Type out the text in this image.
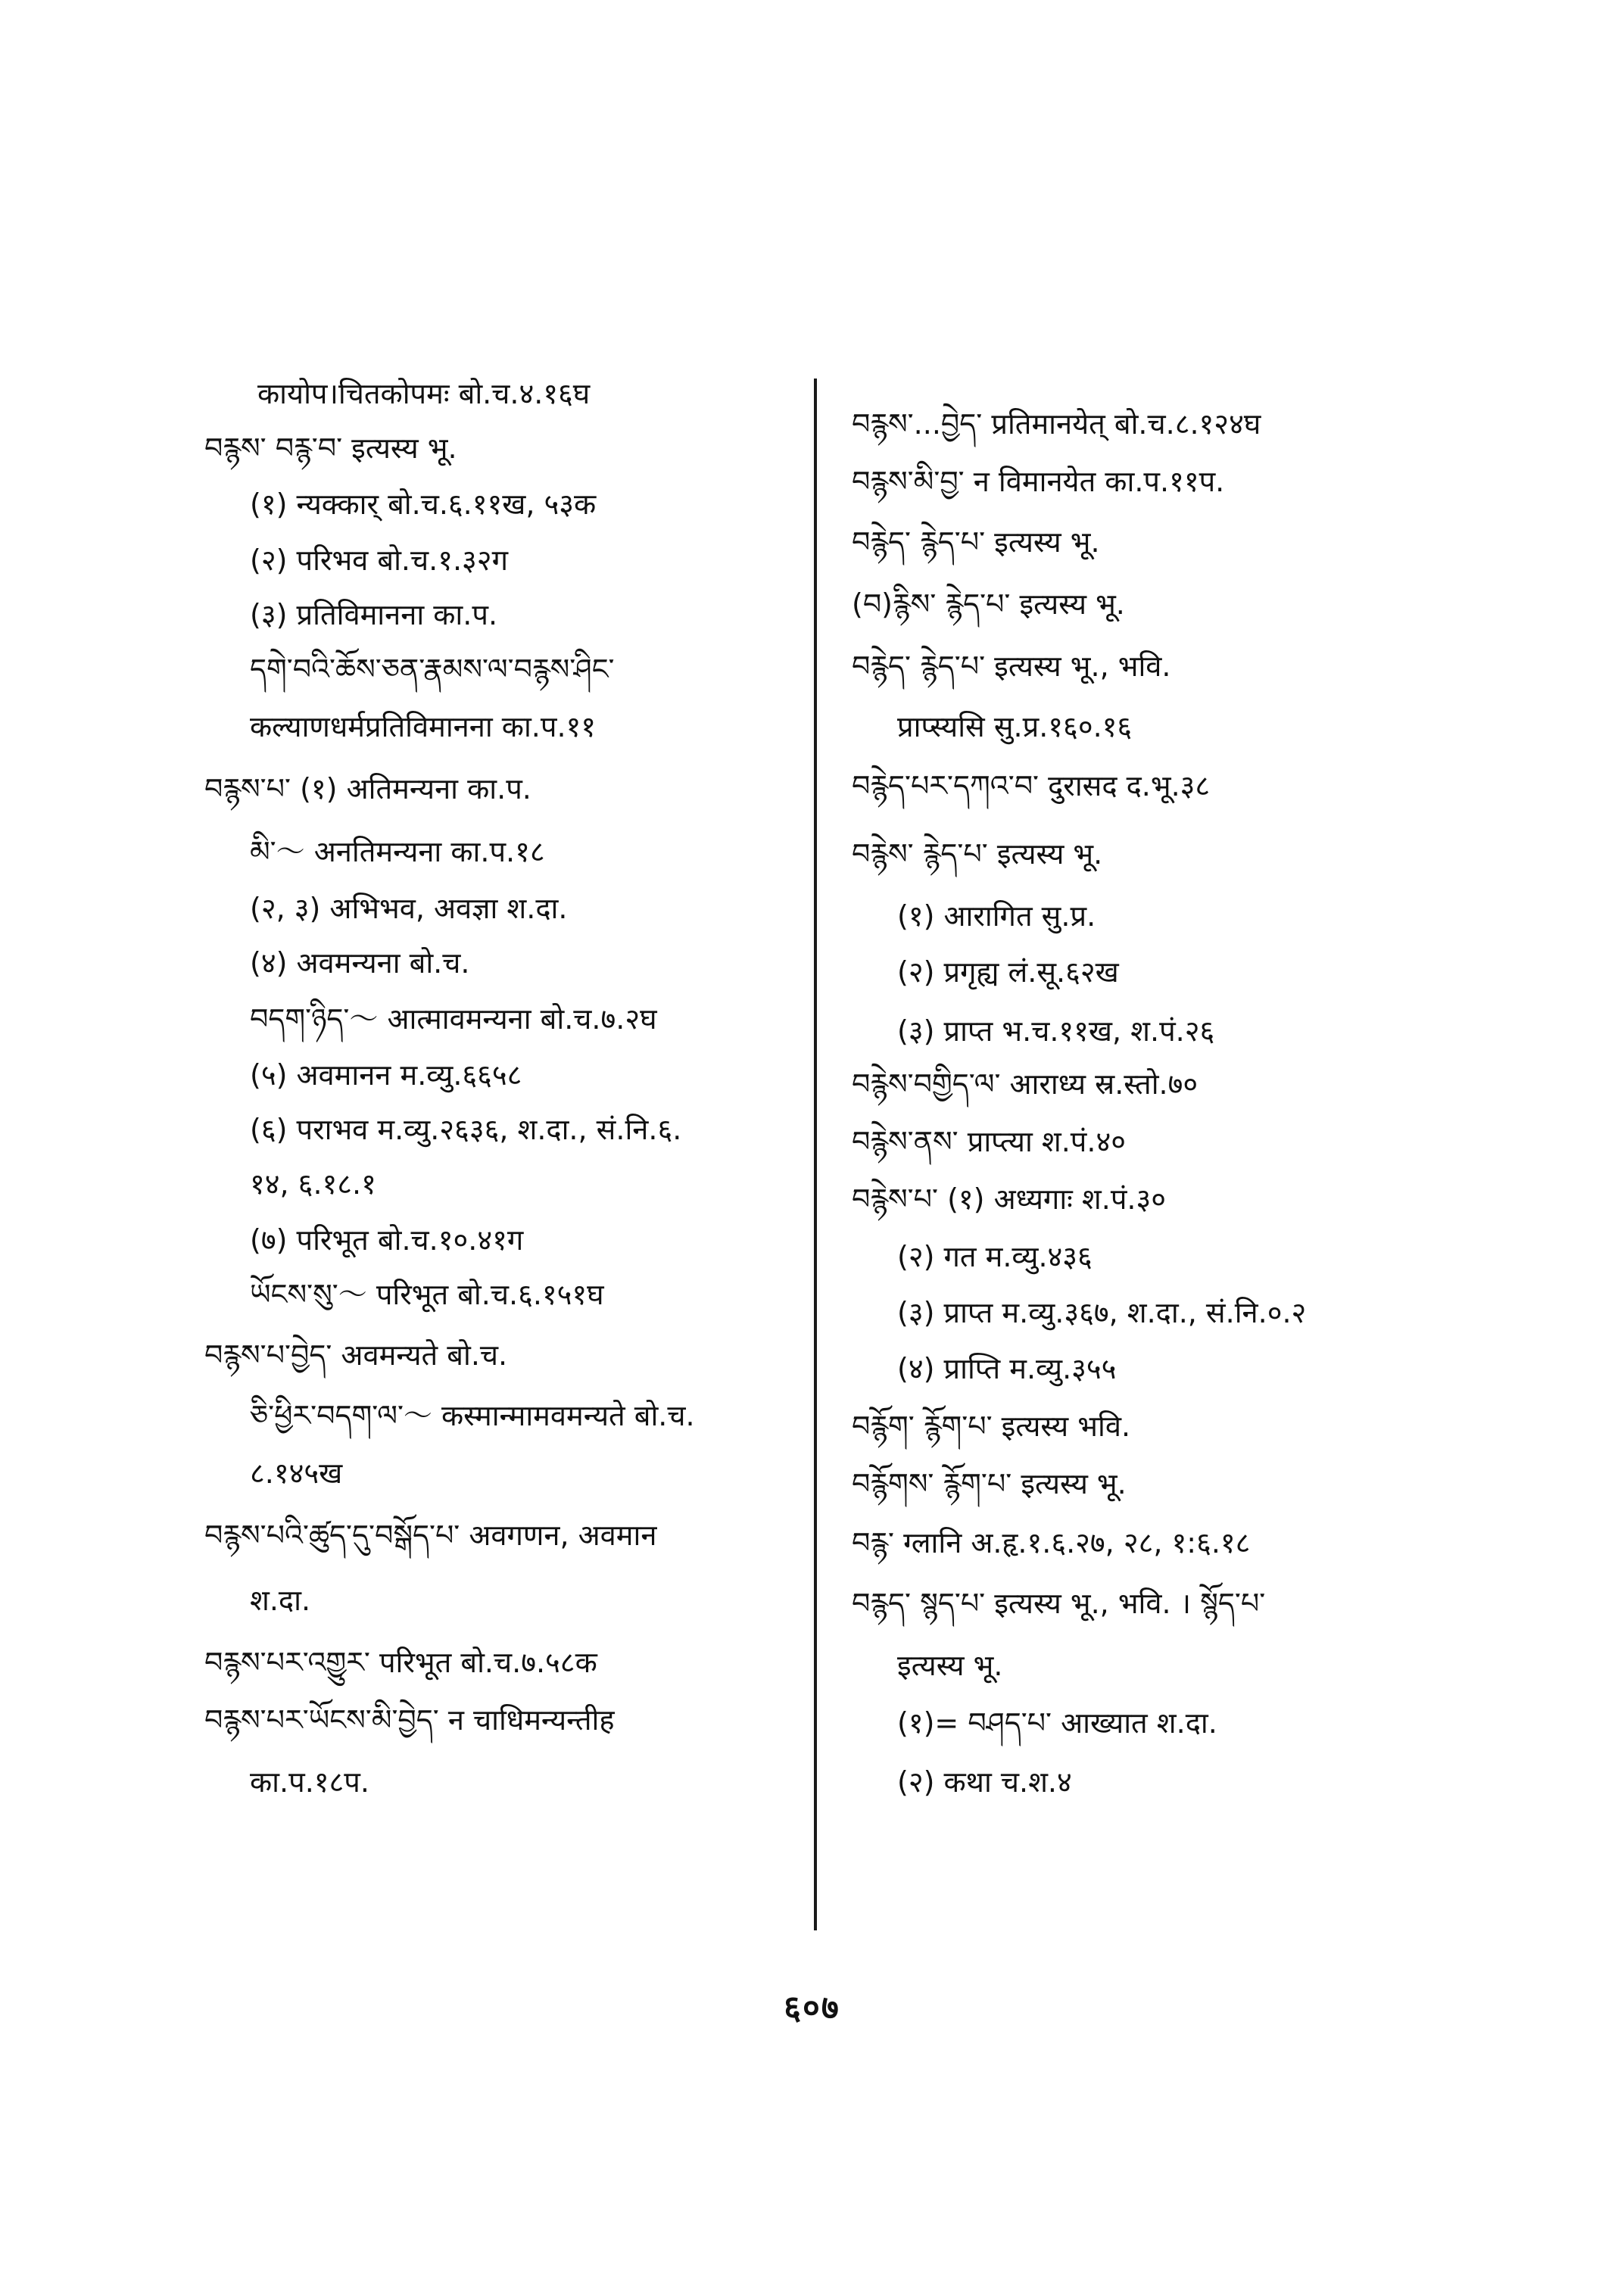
कायोप।चितकोपमः बो.च.४.१६घ
བརྙས་ བརྙ་བ་ इत्यस्य भू.
(१) न्यक्कार् बो.च.६.११ख, ५३क
(२) परिभव बो.च.१.३२ग
(३) प्रतिविमानना का.प.
དགེ་བའི་ཆོས་ཅན་རྣམས་ལ་བརྙས་ཤིང་
कल्याणधर्मप्रतिविमानना का.प.११
བརྙས་པ་ (१) अतिमन्यना का.प.
མི་～ अनतिमन्यना का.प.१८
(२, ३) अभिभव, अवज्ञा श.दा.
(४) अवमन्यना बो.च.
བདག་ཉིད་～ आत्मावमन्यना बो.च.७.२घ
(५) अवमानन म.व्यु.६६५८
(६) पराभव म.व्यु.२६३६, श.दा., सं.नि.६.
१४, ६.१८.१
(७) परिभूत बो.च.१०.४१ग
ཡོངས་སུ་～ परिभूत बो.च.६.१५१घ
བརྙས་པ་བྱེད་ अवमन्यते बो.च.
ཅི་ཕྱིར་བདག་ལ་～ कस्मान्मामवमन्यते बो.च.
८.१४५ख
བརྙས་པའི་ཚུད་དུ་བསྒོད་པ་ अवगणन, अवमान
श.दा.
བརྙས་པར་འགྱུར་ परिभूत बो.च.७.५८क
བརྙས་པར་ཡོངས་མི་བྱེད་ न चाधिमन्यन्तीह
का.प.१८प.
བརྙས་...བྱེད་ प्रतिमानयेत् बो.च.८.१२४घ
བརྙས་མི་བྱ་ न विमानयेत का.प.११प.
བརྙེད་ རྙེད་པ་ इत्यस्य भू.
(བ)རྙིས་ རྙེད་པ་ इत्यस्य भू.
བརྙེད་ རྙེད་པ་ इत्यस्य भू., भवि.
प्राप्स्यसि सु.प्र.१६०.१६
བརྙེད་པར་དཀའ་བ་ दुरासद द.भू.३८
བརྙེས་ རྙེད་པ་ इत्यस्य भू.
(१) आरागित सु.प्र.
(२) प्रगृह्य लं.सू.६२ख
(३) प्राप्त भ.च.११ख, श.पं.२६
བརྙེས་བགྱིད་ལ་ आराध्य स्र.स्तो.७०
བརྙེས་ནས་ प्राप्त्या श.पं.४०
བརྙེས་པ་ (१) अध्यगाः श.पं.३०
(२) गत म.व्यु.४३६
(३) प्राप्त म.व्यु.३६७, श.दा., सं.नि.०.२
(४) प्राप्ति म.व्यु.३५५
བརྙོག་ རྙོག་པ་ इत्यस्य भवि.
བརྙོགས་ རྙོག་པ་ इत्यस्य भू.
བརྙ་ ग्लानि अ.हृ.१.६.२७, २८, १:६.१८
བརྙད་ སྙད་པ་ इत्यस्य भू., भवि. । སྙོད་པ་
इत्यस्य भू.
(१)= བཤད་པ་ आख्यात श.दा.
(२) कथा च.श.४
६०७
